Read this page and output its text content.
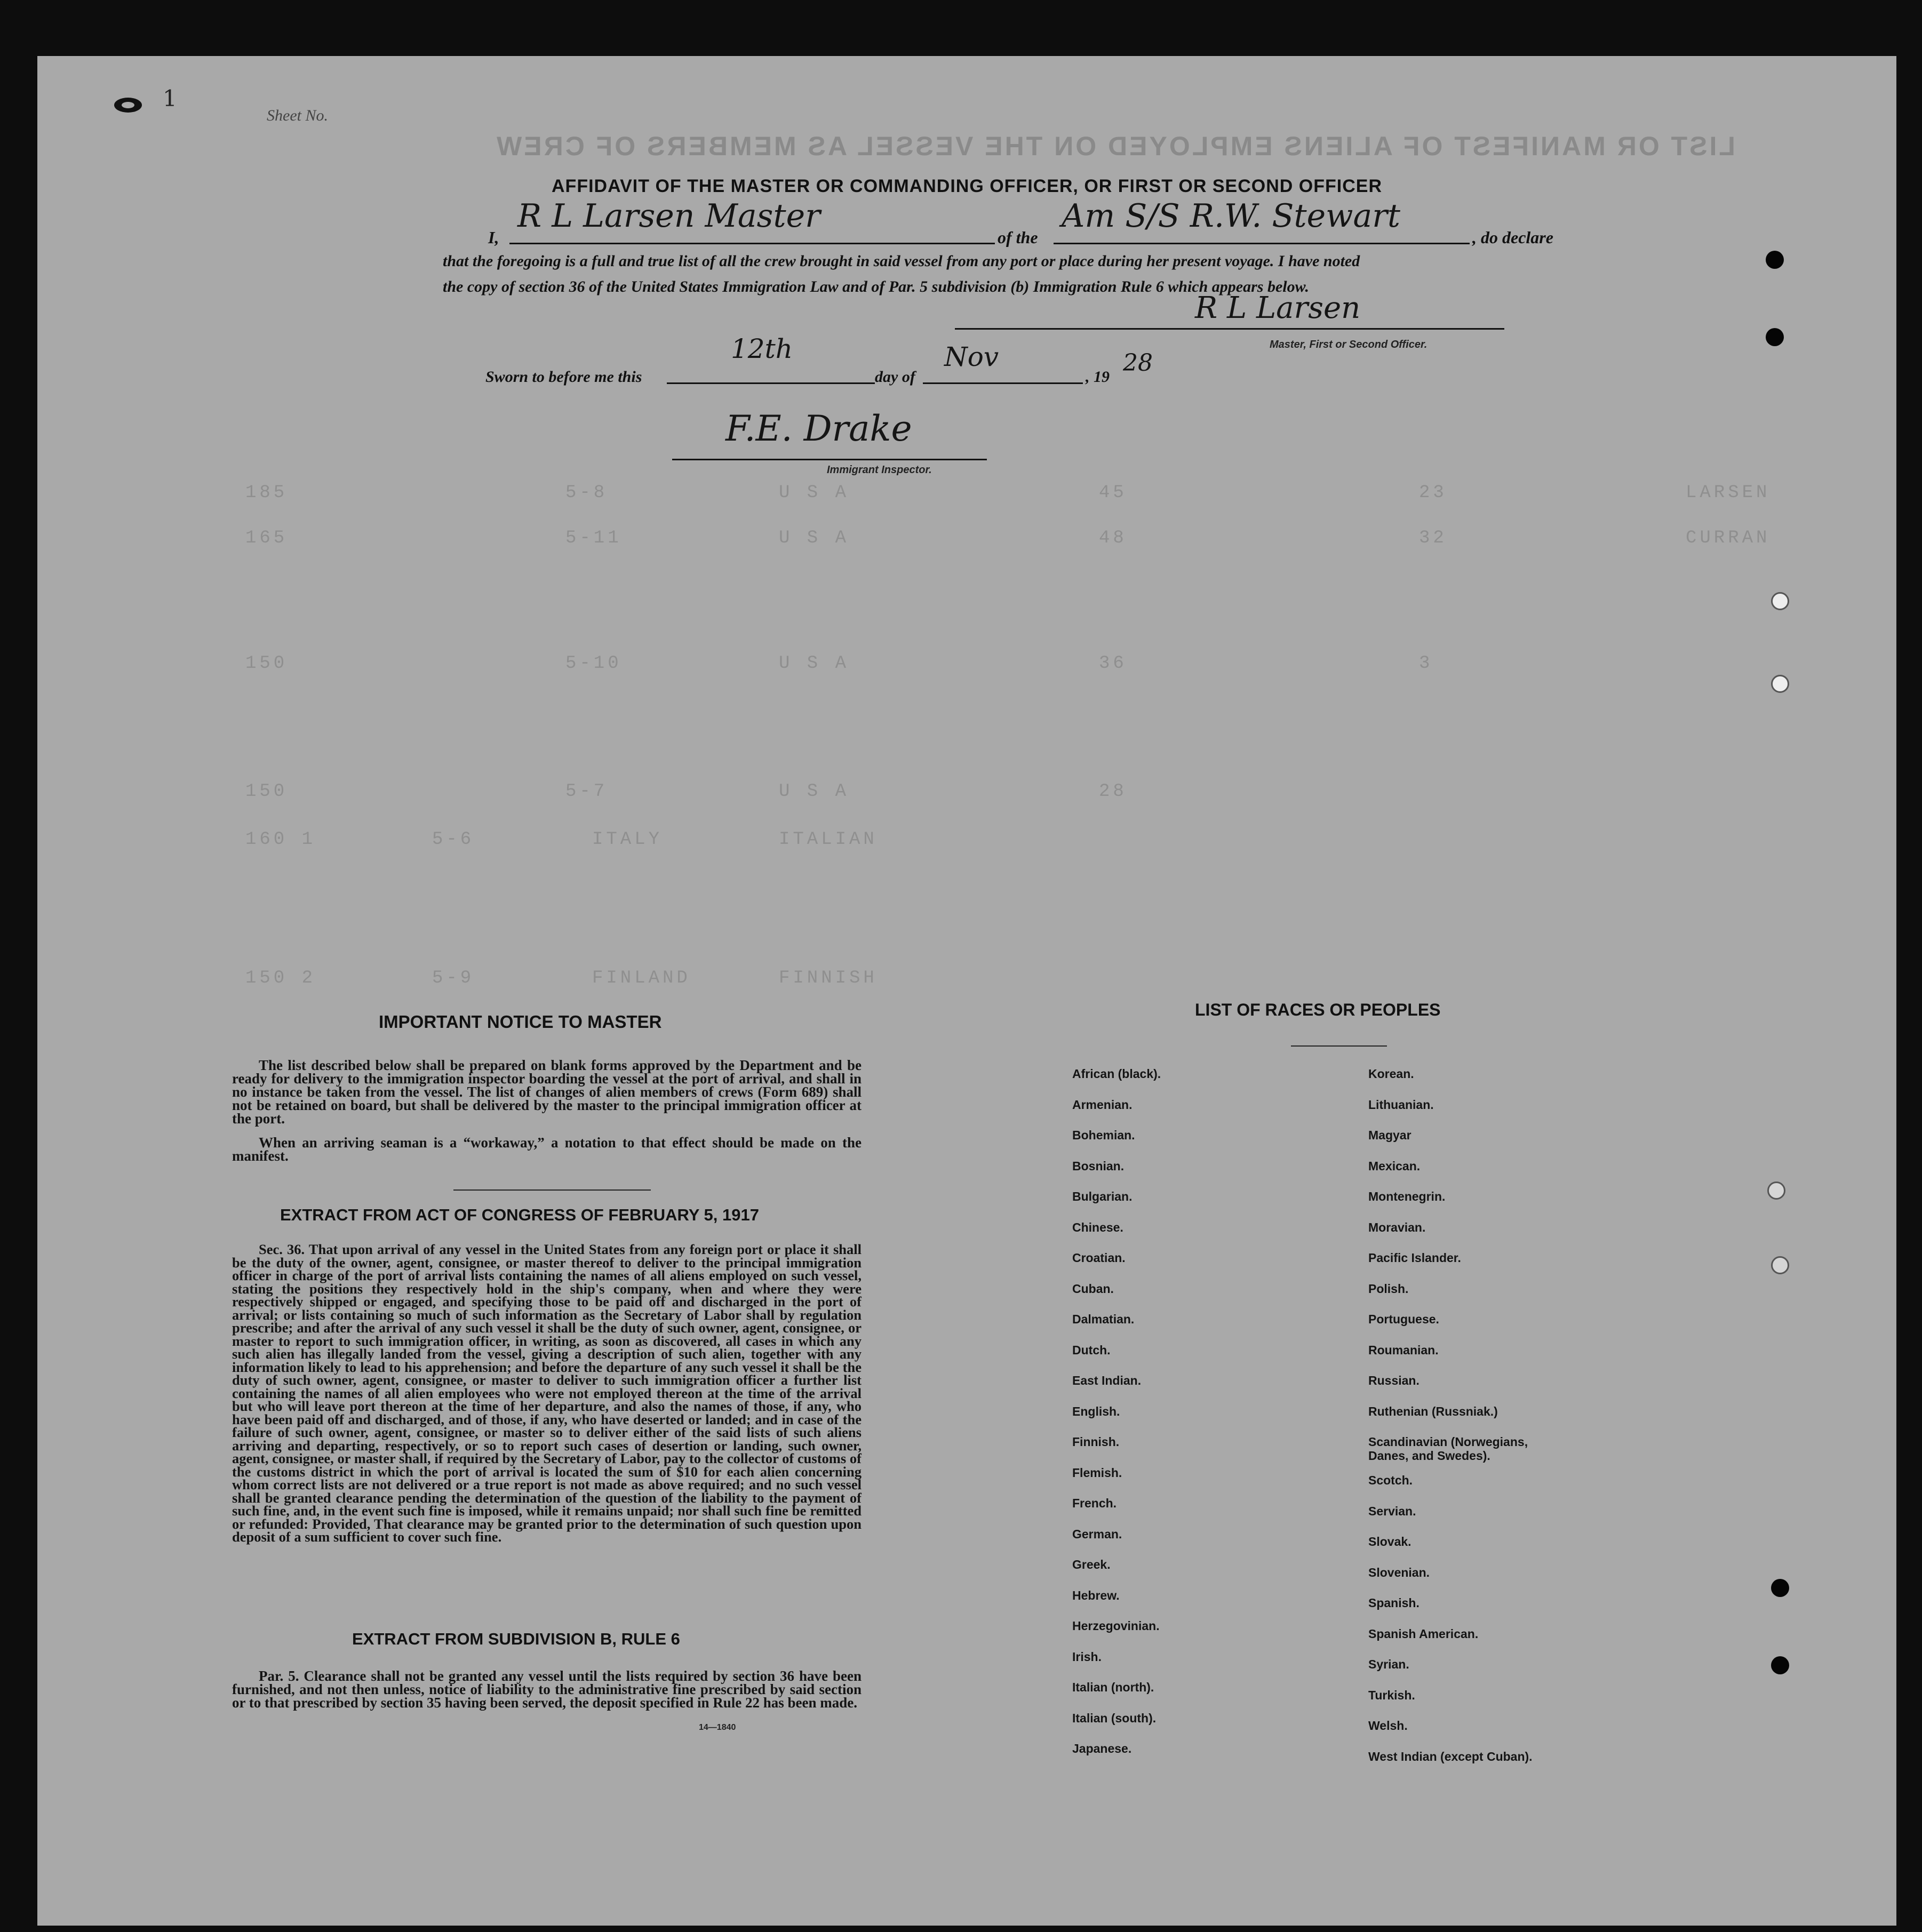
1
Sheet No.
LIST OR MANIFEST OF ALIENS EMPLOYED ON THE VESSEL AS MEMBERS OF CREW
AFFIDAVIT OF THE MASTER OR COMMANDING OFFICER, OR FIRST OR SECOND OFFICER
I,
R L Larsen Master
of the
Am S/S R.W. Stewart
, do declare
that the foregoing is a full and true list of all the crew brought in said vessel from any port or place during her present voyage. I have noted
the copy of section 36 of the United States Immigration Law and of Par. 5 subdivision (b) Immigration Rule 6 which appears below.
R L Larsen
Master, First or Second Officer.
Sworn to before me this
12th
day of
Nov
, 19
28
F.E. Drake
Immigrant Inspector.
185	5-8	U S A	45	23	LARSEN
165	5-11	U S A	48	32	CURRAN
150	5-10	U S A	36	3
150	5-7	U S A	28
160 1	5-6	ITALY	ITALIAN
150 2	5-9	FINLAND	FINNISH
IMPORTANT NOTICE TO MASTER

The list described below shall be prepared on blank forms approved by the Department and be ready for delivery to the immigration inspector boarding the vessel at the port of arrival, and shall in no instance be taken from the vessel. The list of changes of alien members of crews (Form 689) shall not be retained on board, but shall be delivered by the master to the principal immigration officer at the port.

When an arriving seaman is a “workaway,” a notation to that effect should be made on the manifest.

EXTRACT FROM ACT OF CONGRESS OF FEBRUARY 5, 1917

Sec. 36. That upon arrival of any vessel in the United States from any foreign port or place it shall be the duty of the owner, agent, consignee, or master thereof to deliver to the principal immigration officer in charge of the port of arrival lists containing the names of all aliens employed on such vessel, stating the positions they respectively hold in the ship's company, when and where they were respectively shipped or engaged, and specifying those to be paid off and discharged in the port of arrival; or lists containing so much of such information as the Secretary of Labor shall by regulation prescribe; and after the arrival of any such vessel it shall be the duty of such owner, agent, consignee, or master to report to such immigration officer, in writing, as soon as discovered, all cases in which any such alien has illegally landed from the vessel, giving a description of such alien, together with any information likely to lead to his apprehension; and before the departure of any such vessel it shall be the duty of such owner, agent, consignee, or master to deliver to such immigration officer a further list containing the names of all alien employees who were not employed thereon at the time of the arrival but who will leave port thereon at the time of her departure, and also the names of those, if any, who have been paid off and discharged, and of those, if any, who have deserted or landed; and in case of the failure of such owner, agent, consignee, or master so to deliver either of the said lists of such aliens arriving and departing, respectively, or so to report such cases of desertion or landing, such owner, agent, consignee, or master shall, if required by the Secretary of Labor, pay to the collector of customs of the customs district in which the port of arrival is located the sum of $10 for each alien concerning whom correct lists are not delivered or a true report is not made as above required; and no such vessel shall be granted clearance pending the determination of the question of the liability to the payment of such fine, and, in the event such fine is imposed, while it remains unpaid; nor shall such fine be remitted or refunded: Provided, That clearance may be granted prior to the determination of such question upon deposit of a sum sufficient to cover such fine.

EXTRACT FROM SUBDIVISION B, RULE 6

Par. 5. Clearance shall not be granted any vessel until the lists required by section 36 have been furnished, and not then unless, notice of liability to the administrative fine prescribed by said section or to that prescribed by section 35 having been served, the deposit specified in Rule 22 has been made.

14—1840
LIST OF RACES OR PEOPLES
African (black).
Armenian.
Bohemian.
Bosnian.
Bulgarian.
Chinese.
Croatian.
Cuban.
Dalmatian.
Dutch.
East Indian.
English.
Finnish.
Flemish.
French.
German.
Greek.
Hebrew.
Herzegovinian.
Irish.
Italian (north).
Italian (south).
Japanese.
Korean.
Lithuanian.
Magyar
Mexican.
Montenegrin.
Moravian.
Pacific Islander.
Polish.
Portuguese.
Roumanian.
Russian.
Ruthenian (Russniak.)
Scandinavian (Norwegians,
Danes, and Swedes).
Scotch.
Servian.
Slovak.
Slovenian.
Spanish.
Spanish American.
Syrian.
Turkish.
Welsh.
West Indian (except Cuban).
